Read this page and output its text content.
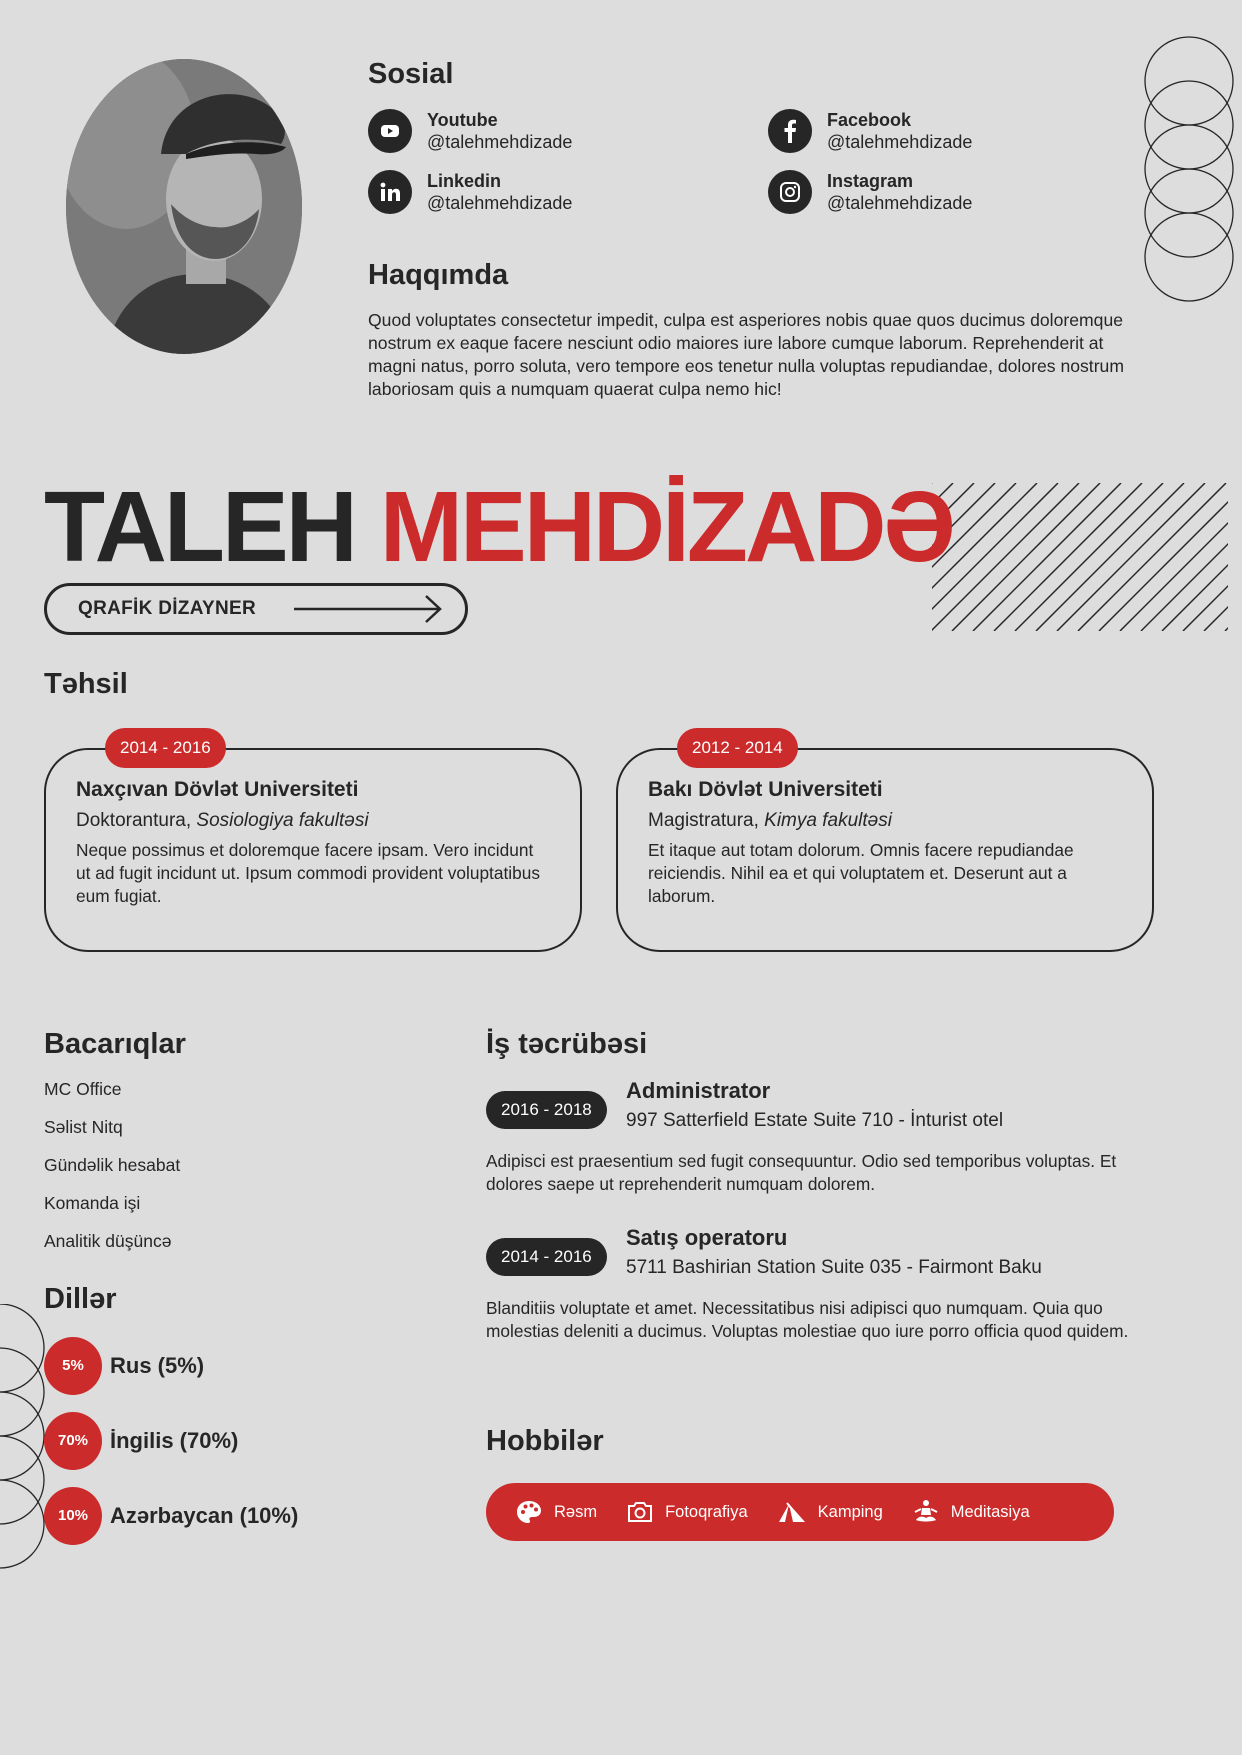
Sosial
Youtube
@talehmehdizade
Facebook
@talehmehdizade
Linkedin
@talehmehdizade
Instagram
@talehmehdizade
Haqqımda

Quod voluptates consectetur impedit, culpa est asperiores nobis quae quos ducimus doloremque nostrum ex eaque facere nesciunt odio maiores iure labore cumque laborum. Reprehenderit at magni natus, porro soluta, vero tempore eos tenetur nulla voluptas repudiandae, dolores nostrum laboriosam quis a numquam quaerat culpa nemo hic!

TALEH MEHDİZADƏ
QRAFİK DİZAYNER
Təhsil

Naxçıvan Dövlət Universiteti

Doktorantura, Sosiologiya fakultəsi

Neque possimus et doloremque facere ipsam. Vero incidunt ut ad fugit incidunt ut. Ipsum commodi provident voluptatibus eum fugiat.

2014 - 2016

Bakı Dövlət Universiteti

Magistratura, Kimya fakultəsi

Et itaque aut totam dolorum. Omnis facere repudiandae reiciendis. Nihil ea et qui voluptatem et. Deserunt aut a laborum.

2012 - 2014
Bacarıqlar
MC Office
Səlist Nitq
Gündəlik hesabat
Komanda işi
Analitik düşüncə
Dillər
5%	Rus (5%)
70% İngilis (70%)
10% Azərbaycan (10%)
İş təcrübəsi
2016 - 2018

Administrator

997 Satterfield Estate Suite 710 - İnturist otel

Adipisci est praesentium sed fugit consequuntur. Odio sed temporibus voluptas. Et dolores saepe ut reprehenderit numquam dolorem.

2014 - 2016

Satış operatoru

5711 Bashirian Station Suite 035 - Fairmont Baku

Blanditiis voluptate et amet. Necessitatibus nisi adipisci quo numquam. Quia quo molestias deleniti a ducimus. Voluptas molestiae quo iure porro officia quod quidem.

Hobbilər
Rəsm	Fotoqrafiya	Kamping	Meditasiya
